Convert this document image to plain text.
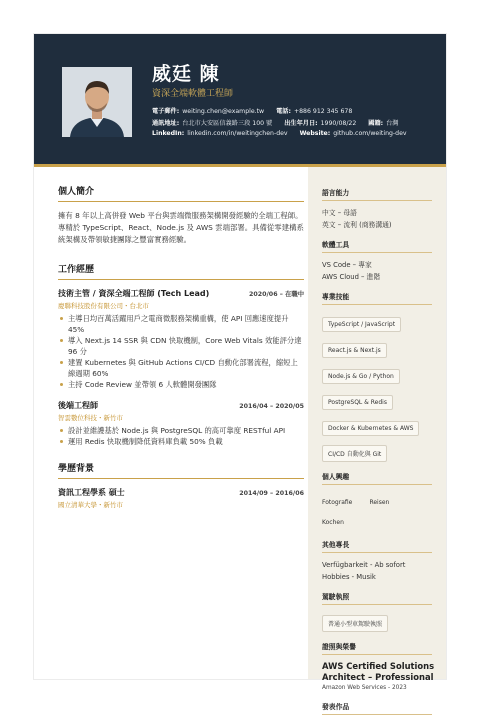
威廷 陳
資深全端軟體工程師
電子郵件: weiting.chen@example.tw 電話: +886 912 345 678
通訊地址: 台北市大安區信義路三段 100 號 出生年月日: 1990/08/22 國籍: 台灣
LinkedIn: linkedin.com/in/weitingchen-dev Website: github.com/weiting-dev
個人簡介
擁有 8 年以上高併發 Web 平台與雲端微服務架構開發經驗的全端工程師。專精於 TypeScript、React、Node.js 及 AWS 雲端部署。具備從零建構系統架構及帶領敏捷團隊之豐富實務經驗。
工作經歷
技術主管 / 資深全端工程師 (Tech Lead)	2020/06 – 在職中
慶聯科技股份有限公司・台北市
主導日均百萬活躍用戶之電商微服務架構重構，使 API 回應速度提升 45%
導入 Next.js 14 SSR 與 CDN 快取機制，Core Web Vitals 效能評分達 96 分
建置 Kubernetes 與 GitHub Actions CI/CD 自動化部署流程，縮短上線週期 60%
主持 Code Review 並帶領 6 人軟體開發團隊
後端工程師	2016/04 – 2020/05
智雲數位科技・新竹市
設計並維護基於 Node.js 與 PostgreSQL 的高可靠度 RESTful API
運用 Redis 快取機制降低資料庫負載 50% 負載
學歷背景
資訊工程學系 碩士	2014/09 – 2016/06
國立清華大學・新竹市
語言能力
中文 – 母語
英文 – 流利 (商務溝通)
軟體工具
VS Code – 專家
AWS Cloud – 進階
專業技能
TypeScript / JavaScript
React.js & Next.js
Node.js & Go / Python
PostgreSQL & Redis
Docker & Kubernetes & AWS
CI/CD 自動化與 Git
個人興趣
Fotografie	Reisen
Kochen
其他專長
Verfügbarkeit - Ab sofort
Hobbies - Musik
駕駛執照
普通小型車駕駛執照
證照與榮譽
AWS Certified Solutions Architect – Professional
Amazon Web Services - 2023
發表作品
